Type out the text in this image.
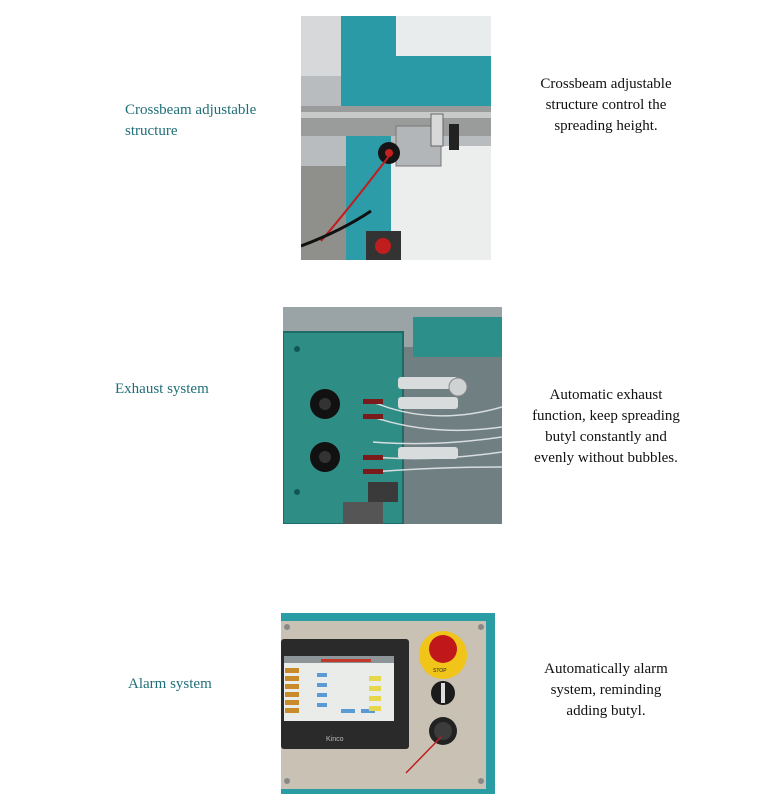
Crossbeam adjustable
structure
Crossbeam adjustable
structure control the
spreading height.
Exhaust system	Automatic exhaust
function, keep spreading
butyl constantly and
evenly without bubbles.
Alarm system
Kinco
STOP	Automatically alarm
system, reminding
adding butyl.
